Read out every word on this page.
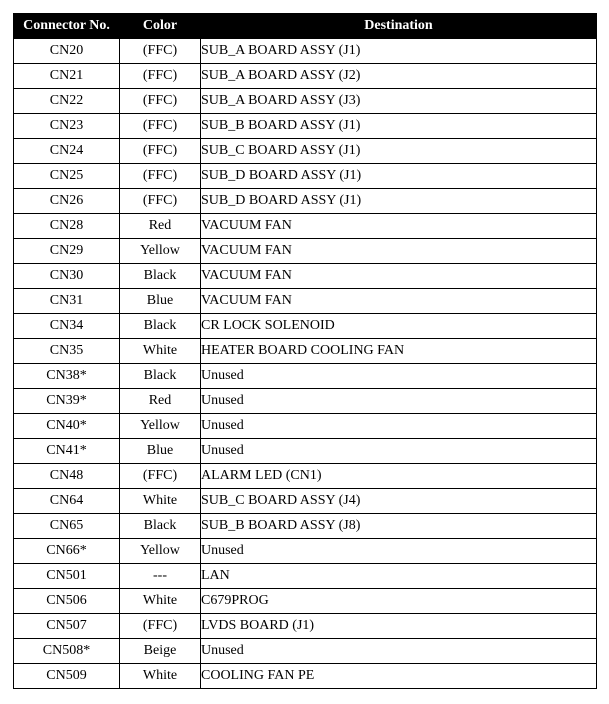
Connector No.	Color	Destination
CN20	(FFC)	SUB_A BOARD ASSY (J1)
CN21	(FFC)	SUB_A BOARD ASSY (J2)
CN22	(FFC)	SUB_A BOARD ASSY (J3)
CN23	(FFC)	SUB_B BOARD ASSY (J1)
CN24	(FFC)	SUB_C BOARD ASSY (J1)
CN25	(FFC)	SUB_D BOARD ASSY (J1)
CN26	(FFC)	SUB_D BOARD ASSY (J1)
CN28	Red	VACUUM FAN
CN29	Yellow	VACUUM FAN
CN30	Black	VACUUM FAN
CN31	Blue	VACUUM FAN
CN34	Black	CR LOCK SOLENOID
CN35	White	HEATER BOARD COOLING FAN
CN38*	Black	Unused
CN39*	Red	Unused
CN40*	Yellow	Unused
CN41*	Blue	Unused
CN48	(FFC)	ALARM LED (CN1)
CN64	White	SUB_C BOARD ASSY (J4)
CN65	Black	SUB_B BOARD ASSY (J8)
CN66*	Yellow	Unused
CN501	---	LAN
CN506	White	C679PROG
CN507	(FFC)	LVDS BOARD (J1)
CN508*	Beige	Unused
CN509	White	COOLING FAN PE
